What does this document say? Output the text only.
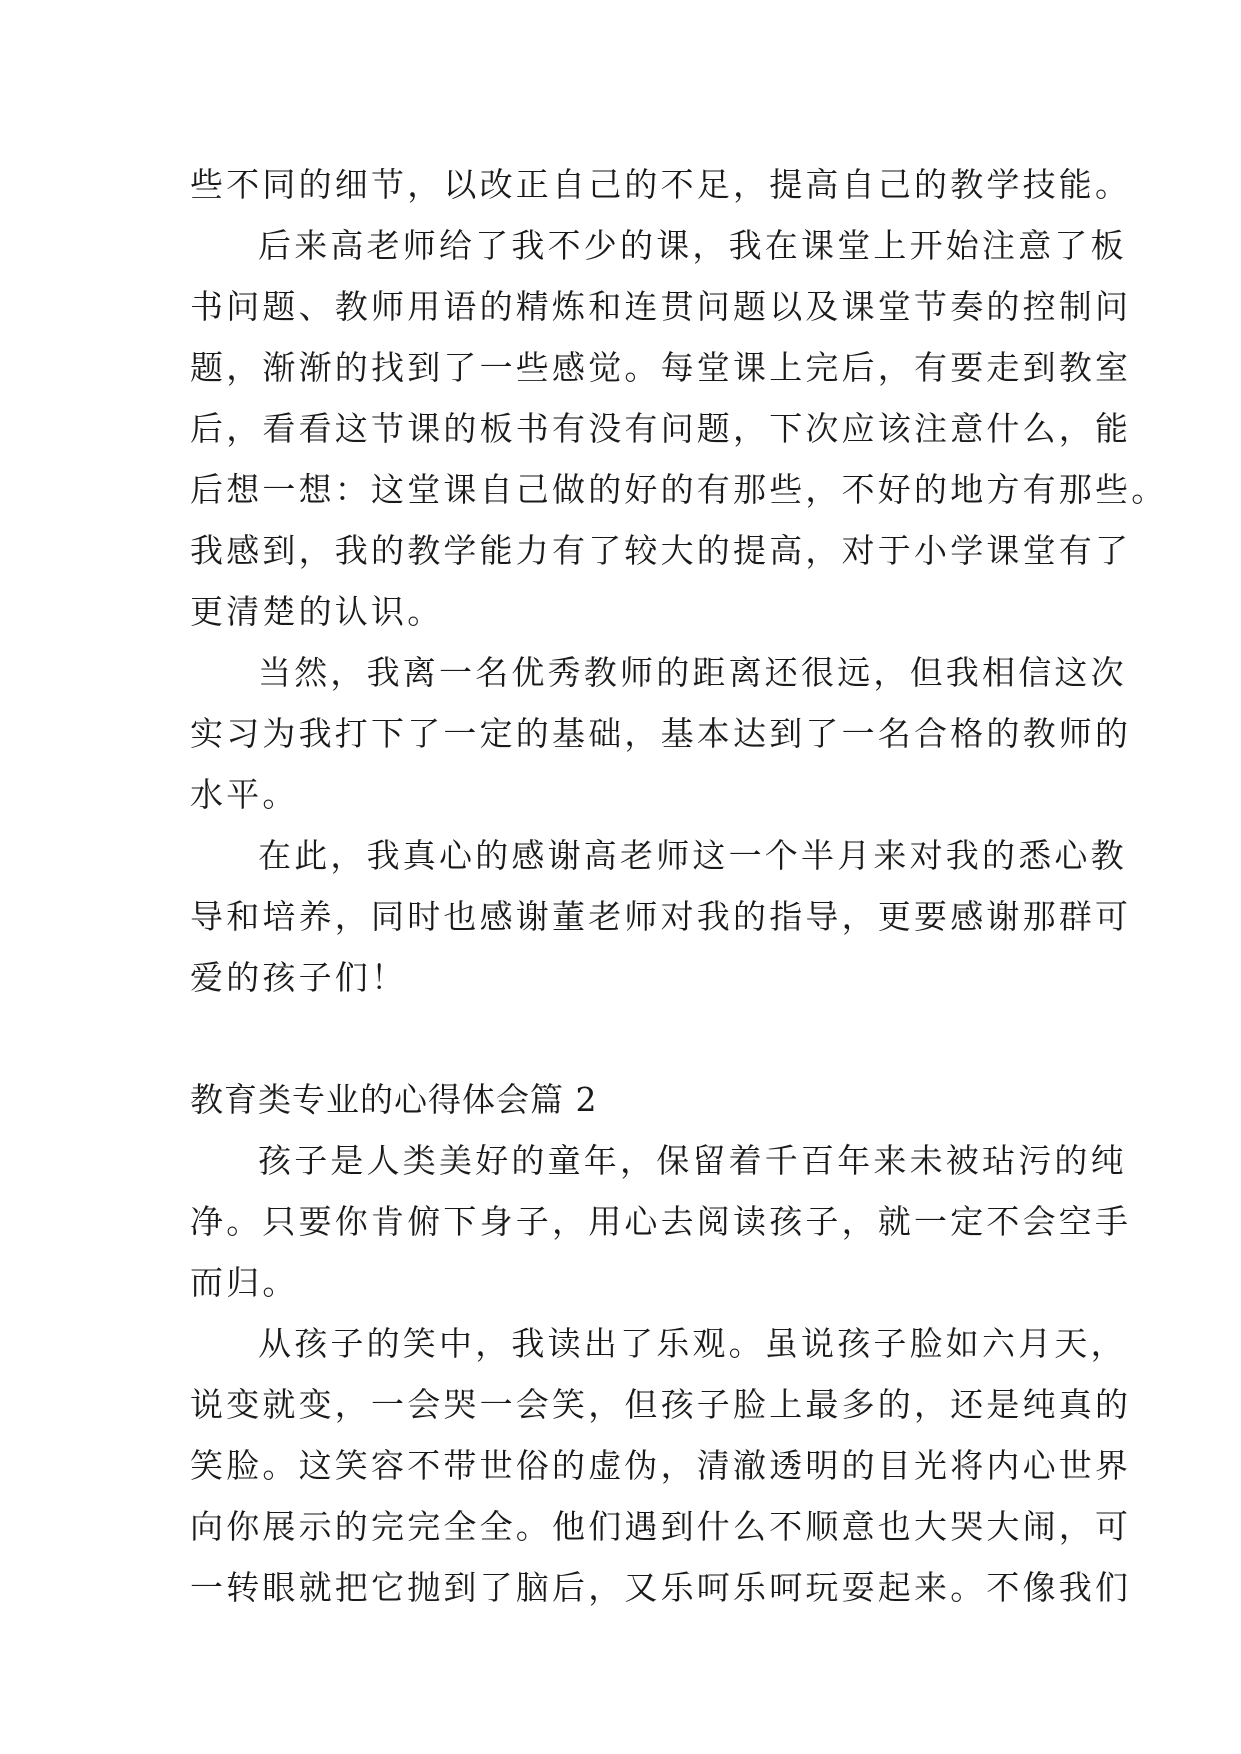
些不同的细节，以改正自己的不足，提高自己的教学技能。
后来高老师给了我不少的课，我在课堂上开始注意了板
书问题、教师用语的精炼和连贯问题以及课堂节奏的控制问
题，渐渐的找到了一些感觉。每堂课上完后，有要走到教室
后，看看这节课的板书有没有问题，下次应该注意什么，能
后想一想：这堂课自己做的好的有那些，不好的地方有那些。
我感到，我的教学能力有了较大的提高，对于小学课堂有了
更清楚的认识。
当然，我离一名优秀教师的距离还很远，但我相信这次
实习为我打下了一定的基础，基本达到了一名合格的教师的
水平。
在此，我真心的感谢高老师这一个半月来对我的悉心教
导和培养，同时也感谢董老师对我的指导，更要感谢那群可
爱的孩子们！
教育类专业的心得体会篇 2
孩子是人类美好的童年，保留着千百年来未被玷污的纯
净。只要你肯俯下身子，用心去阅读孩子，就一定不会空手
而归。
从孩子的笑中，我读出了乐观。虽说孩子脸如六月天，
说变就变，一会哭一会笑，但孩子脸上最多的，还是纯真的
笑脸。这笑容不带世俗的虚伪，清澈透明的目光将内心世界
向你展示的完完全全。他们遇到什么不顺意也大哭大闹，可
一转眼就把它抛到了脑后，又乐呵乐呵玩耍起来。不像我们
